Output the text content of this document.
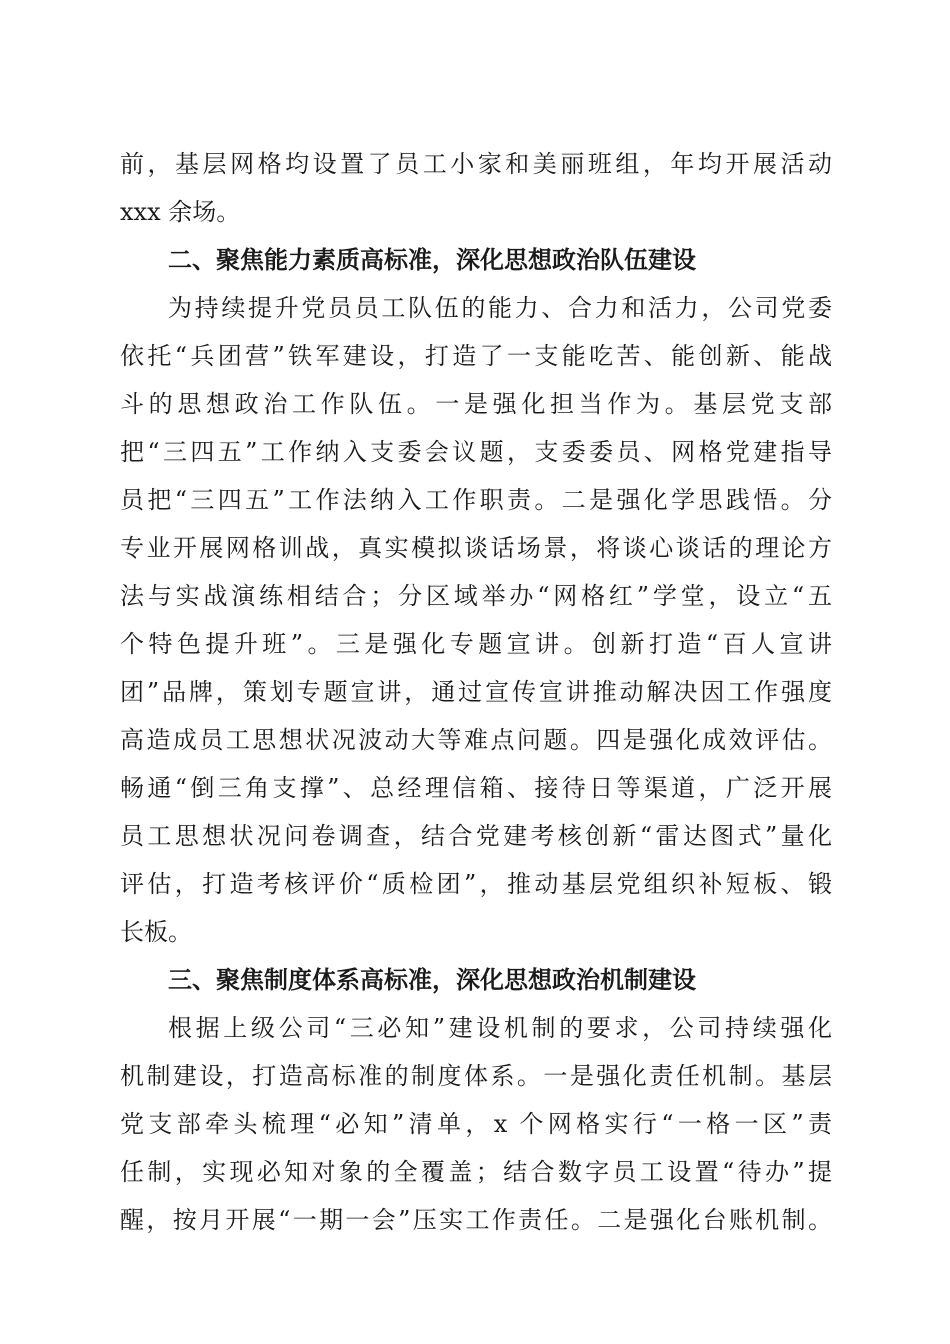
前，基层网格均设置了员工小家和美丽班组，年均开展活动
xxx 余场。
二、聚焦能力素质高标准，深化思想政治队伍建设
为持续提升党员员工队伍的能力、合力和活力，公司党委
依托“兵团营”铁军建设，打造了一支能吃苦、能创新、能战
斗的思想政治工作队伍。一是强化担当作为。基层党支部
把“三四五”工作纳入支委会议题，支委委员、网格党建指导
员把“三四五”工作法纳入工作职责。二是强化学思践悟。分
专业开展网格训战，真实模拟谈话场景，将谈心谈话的理论方
法与实战演练相结合；分区域举办“网格红”学堂，设立“五
个特色提升班”。三是强化专题宣讲。创新打造“百人宣讲
团”品牌，策划专题宣讲，通过宣传宣讲推动解决因工作强度
高造成员工思想状况波动大等难点问题。四是强化成效评估。
畅通“倒三角支撑”、总经理信箱、接待日等渠道，广泛开展
员工思想状况问卷调查，结合党建考核创新“雷达图式”量化
评估，打造考核评价“质检团”，推动基层党组织补短板、锻
长板。
三、聚焦制度体系高标准，深化思想政治机制建设
根据上级公司“三必知”建设机制的要求，公司持续强化
机制建设，打造高标准的制度体系。一是强化责任机制。基层
党支部牵头梳理“必知”清单，x 个网格实行“一格一区”责
任制，实现必知对象的全覆盖；结合数字员工设置“待办”提
醒，按月开展“一期一会”压实工作责任。二是强化台账机制。
